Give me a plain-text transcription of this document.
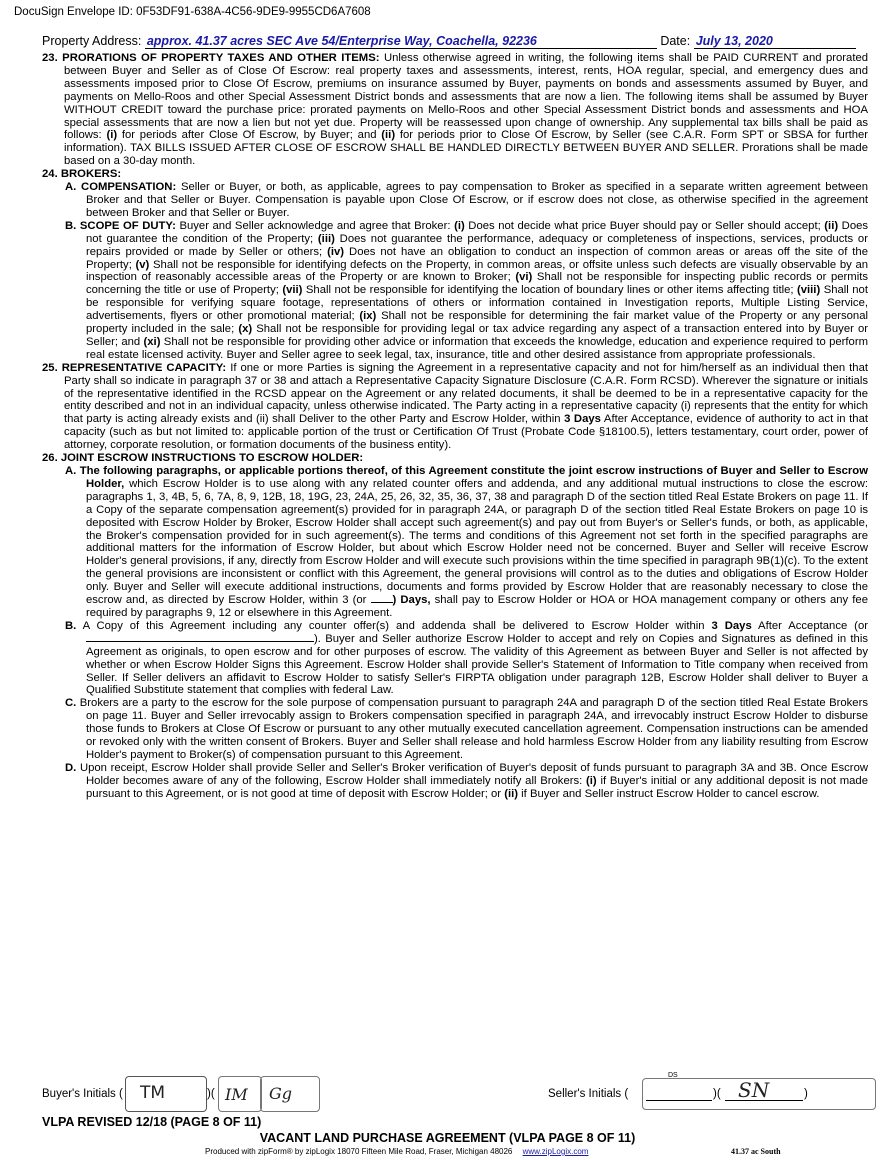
DocuSign Envelope ID: 0F53DF91-638A-4C56-9DE9-9955CD6A7608
Property Address: approx. 41.37 acres SEC Ave 54/Enterprise Way, Coachella, 92236	Date: July 13, 2020

23. PRORATIONS OF PROPERTY TAXES AND OTHER ITEMS: Unless otherwise agreed in writing, the following items shall be PAID CURRENT and prorated between Buyer and Seller as of Close Of Escrow: real property taxes and assessments, interest, rents, HOA regular, special, and emergency dues and assessments imposed prior to Close Of Escrow, premiums on insurance assumed by Buyer, payments on bonds and assessments assumed by Buyer, and payments on Mello-Roos and other Special Assessment District bonds and assessments that are now a lien. The following items shall be assumed by Buyer WITHOUT CREDIT toward the purchase price: prorated payments on Mello-Roos and other Special Assessment District bonds and assessments and HOA special assessments that are now a lien but not yet due. Property will be reassessed upon change of ownership. Any supplemental tax bills shall be paid as follows: (i) for periods after Close Of Escrow, by Buyer; and (ii) for periods prior to Close Of Escrow, by Seller (see C.A.R. Form SPT or SBSA for further information). TAX BILLS ISSUED AFTER CLOSE OF ESCROW SHALL BE HANDLED DIRECTLY BETWEEN BUYER AND SELLER. Prorations shall be made based on a 30-day month.

24. BROKERS:

A. COMPENSATION: Seller or Buyer, or both, as applicable, agrees to pay compensation to Broker as specified in a separate written agreement between Broker and that Seller or Buyer. Compensation is payable upon Close Of Escrow, or if escrow does not close, as otherwise specified in the agreement between Broker and that Seller or Buyer.

B. SCOPE OF DUTY: Buyer and Seller acknowledge and agree that Broker: (i) Does not decide what price Buyer should pay or Seller should accept; (ii) Does not guarantee the condition of the Property; (iii) Does not guarantee the performance, adequacy or completeness of inspections, services, products or repairs provided or made by Seller or others; (iv) Does not have an obligation to conduct an inspection of common areas or areas off the site of the Property; (v) Shall not be responsible for identifying defects on the Property, in common areas, or offsite unless such defects are visually observable by an inspection of reasonably accessible areas of the Property or are known to Broker; (vi) Shall not be responsible for inspecting public records or permits concerning the title or use of Property; (vii) Shall not be responsible for identifying the location of boundary lines or other items affecting title; (viii) Shall not be responsible for verifying square footage, representations of others or information contained in Investigation reports, Multiple Listing Service, advertisements, flyers or other promotional material; (ix) Shall not be responsible for determining the fair market value of the Property or any personal property included in the sale; (x) Shall not be responsible for providing legal or tax advice regarding any aspect of a transaction entered into by Buyer or Seller; and (xi) Shall not be responsible for providing other advice or information that exceeds the knowledge, education and experience required to perform real estate licensed activity. Buyer and Seller agree to seek legal, tax, insurance, title and other desired assistance from appropriate professionals.

25. REPRESENTATIVE CAPACITY: If one or more Parties is signing the Agreement in a representative capacity and not for him/herself as an individual then that Party shall so indicate in paragraph 37 or 38 and attach a Representative Capacity Signature Disclosure (C.A.R. Form RCSD). Wherever the signature or initials of the representative identified in the RCSD appear on the Agreement or any related documents, it shall be deemed to be in a representative capacity for the entity described and not in an individual capacity, unless otherwise indicated. The Party acting in a representative capacity (i) represents that the entity for which that party is acting already exists and (ii) shall Deliver to the other Party and Escrow Holder, within 3 Days After Acceptance, evidence of authority to act in that capacity (such as but not limited to: applicable portion of the trust or Certification Of Trust (Probate Code §18100.5), letters testamentary, court order, power of attorney, corporate resolution, or formation documents of the business entity).

26. JOINT ESCROW INSTRUCTIONS TO ESCROW HOLDER:

A. The following paragraphs, or applicable portions thereof, of this Agreement constitute the joint escrow instructions of Buyer and Seller to Escrow Holder, which Escrow Holder is to use along with any related counter offers and addenda, and any additional mutual instructions to close the escrow: paragraphs 1, 3, 4B, 5, 6, 7A, 8, 9, 12B, 18, 19G, 23, 24A, 25, 26, 32, 35, 36, 37, 38 and paragraph D of the section titled Real Estate Brokers on page 11. If a Copy of the separate compensation agreement(s) provided for in paragraph 24A, or paragraph D of the section titled Real Estate Brokers on page 10 is deposited with Escrow Holder by Broker, Escrow Holder shall accept such agreement(s) and pay out from Buyer's or Seller's funds, or both, as applicable, the Broker's compensation provided for in such agreement(s). The terms and conditions of this Agreement not set forth in the specified paragraphs are additional matters for the information of Escrow Holder, but about which Escrow Holder need not be concerned. Buyer and Seller will receive Escrow Holder's general provisions, if any, directly from Escrow Holder and will execute such provisions within the time specified in paragraph 9B(1)(c). To the extent the general provisions are inconsistent or conflict with this Agreement, the general provisions will control as to the duties and obligations of Escrow Holder only. Buyer and Seller will execute additional instructions, documents and forms provided by Escrow Holder that are reasonably necessary to close the escrow and, as directed by Escrow Holder, within 3 (or ) Days, shall pay to Escrow Holder or HOA or HOA management company or others any fee required by paragraphs 9, 12 or elsewhere in this Agreement.

B. A Copy of this Agreement including any counter offer(s) and addenda shall be delivered to Escrow Holder within 3 Days After Acceptance (or ). Buyer and Seller authorize Escrow Holder to accept and rely on Copies and Signatures as defined in this Agreement as originals, to open escrow and for other purposes of escrow. The validity of this Agreement as between Buyer and Seller is not affected by whether or when Escrow Holder Signs this Agreement. Escrow Holder shall provide Seller's Statement of Information to Title company when received from Seller. If Seller delivers an affidavit to Escrow Holder to satisfy Seller's FIRPTA obligation under paragraph 12B, Escrow Holder shall deliver to Buyer a Qualified Substitute statement that complies with federal Law.

C. Brokers are a party to the escrow for the sole purpose of compensation pursuant to paragraph 24A and paragraph D of the section titled Real Estate Brokers on page 11. Buyer and Seller irrevocably assign to Brokers compensation specified in paragraph 24A, and irrevocably instruct Escrow Holder to disburse those funds to Brokers at Close Of Escrow or pursuant to any other mutually executed cancellation agreement. Compensation instructions can be amended or revoked only with the written consent of Brokers. Buyer and Seller shall release and hold harmless Escrow Holder from any liability resulting from Escrow Holder's payment to Broker(s) of compensation pursuant to this Agreement.

D. Upon receipt, Escrow Holder shall provide Seller and Seller's Broker verification of Buyer's deposit of funds pursuant to paragraph 3A and 3B. Once Escrow Holder becomes aware of any of the following, Escrow Holder shall immediately notify all Brokers: (i) if Buyer's initial or any additional deposit is not made pursuant to this Agreement, or is not good at time of deposit with Escrow Holder; or (ii) if Buyer and Seller instruct Escrow Holder to cancel escrow.

Buyer's Initials ( TM	)( IM Gg	Seller's Initials (
DS
)( SN	)
VLPA REVISED 12/18 (PAGE 8 OF 11)
VACANT LAND PURCHASE AGREEMENT (VLPA PAGE 8 OF 11)
Produced with zipForm® by zipLogix 18070 Fifteen Mile Road, Fraser, Michigan 48026 www.zipLogix.com	41.37 ac South
